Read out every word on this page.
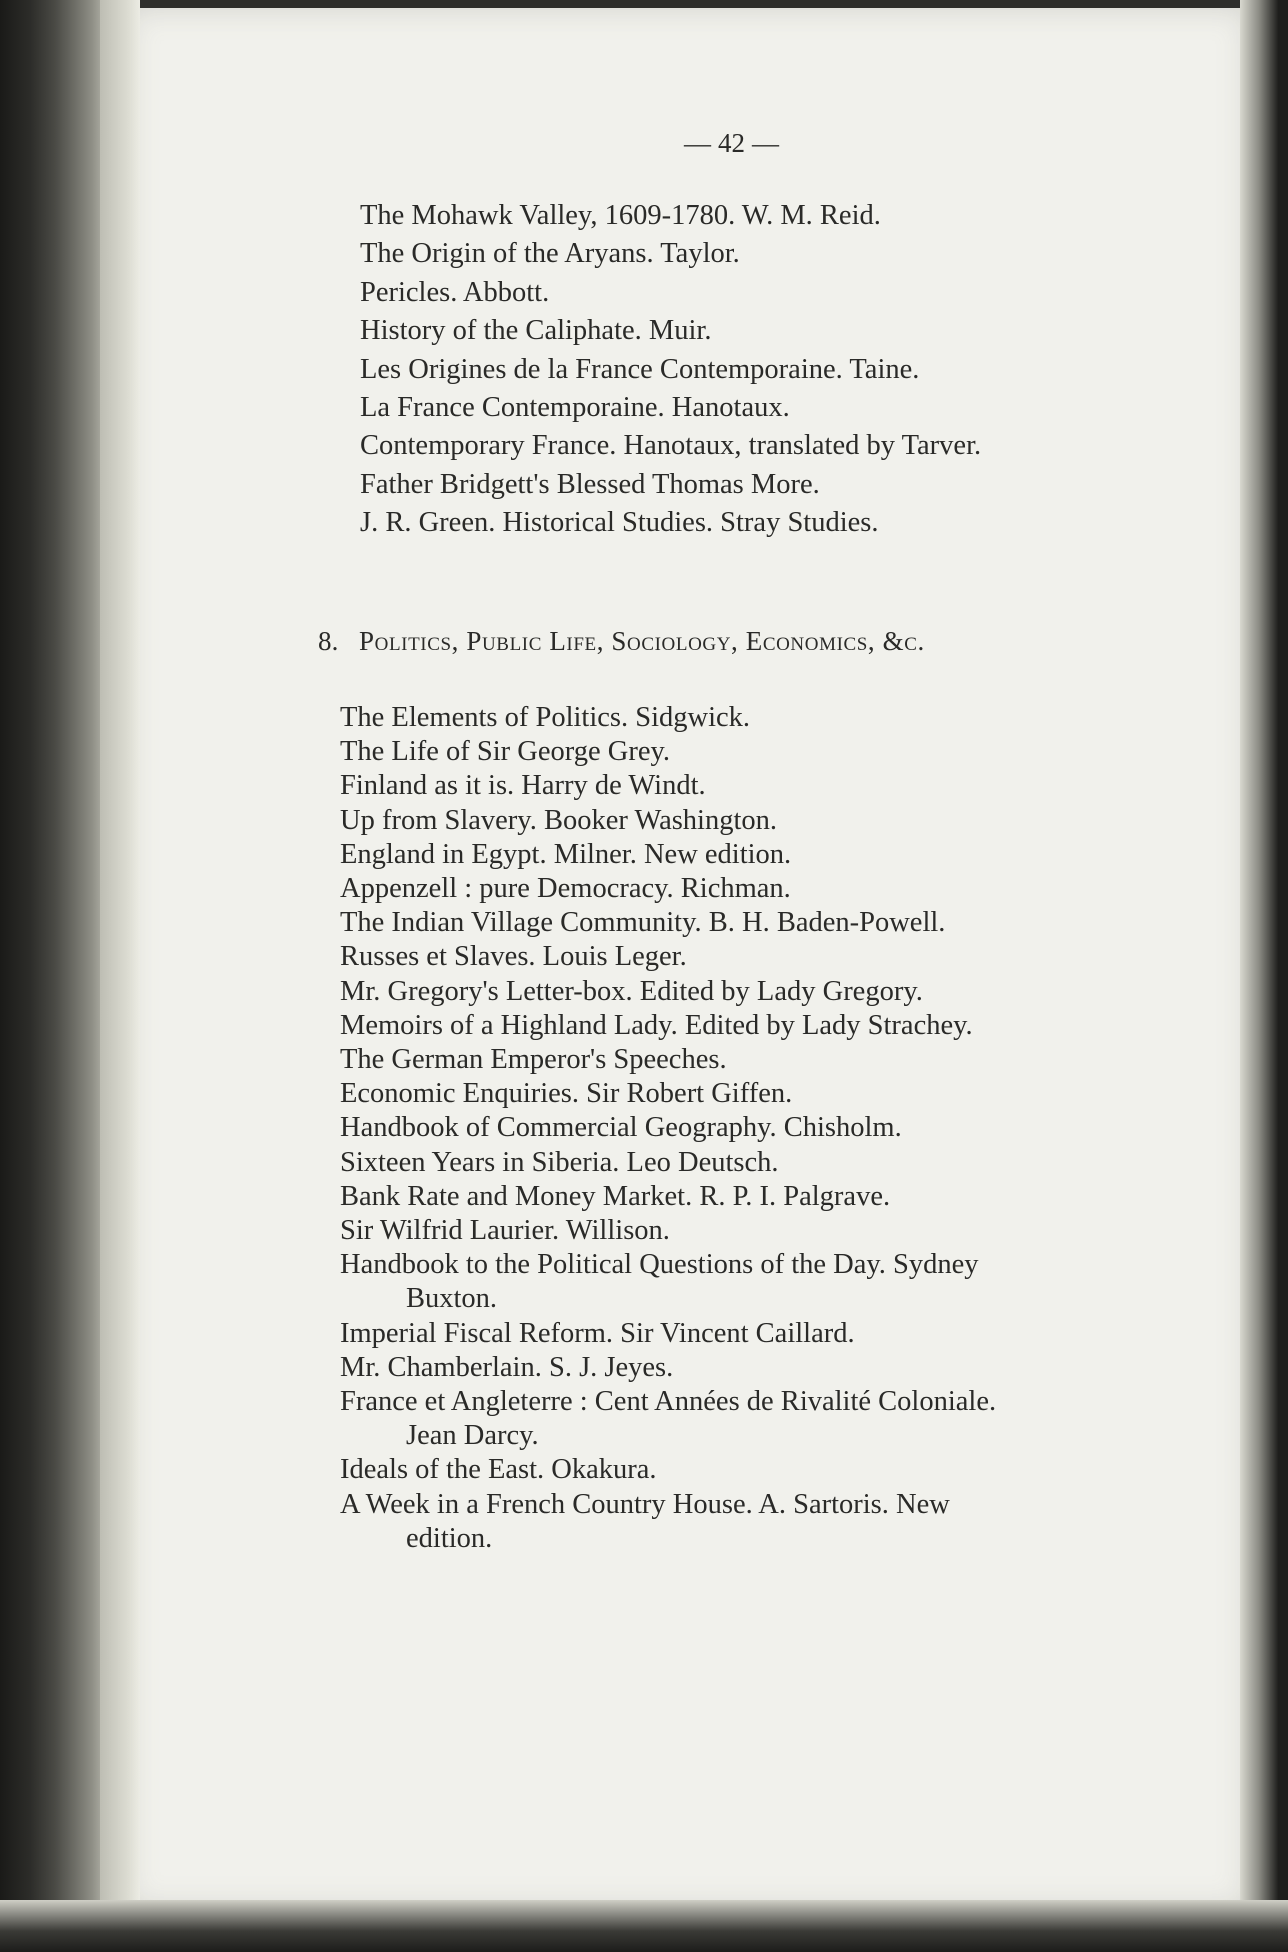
— 42 —
The Mohawk Valley, 1609-1780. W. M. Reid.
The Origin of the Aryans. Taylor.
Pericles. Abbott.
History of the Caliphate. Muir.
Les Origines de la France Contemporaine. Taine.
La France Contemporaine. Hanotaux.
Contemporary France. Hanotaux, translated by Tarver.
Father Bridgett's Blessed Thomas More.
J. R. Green. Historical Studies. Stray Studies.
8. Politics, Public Life, Sociology, Economics, &c.
The Elements of Politics. Sidgwick.
The Life of Sir George Grey.
Finland as it is. Harry de Windt.
Up from Slavery. Booker Washington.
England in Egypt. Milner. New edition.
Appenzell : pure Democracy. Richman.
The Indian Village Community. B. H. Baden-Powell.
Russes et Slaves. Louis Leger.
Mr. Gregory's Letter-box. Edited by Lady Gregory.
Memoirs of a Highland Lady. Edited by Lady Strachey.
The German Emperor's Speeches.
Economic Enquiries. Sir Robert Giffen.
Handbook of Commercial Geography. Chisholm.
Sixteen Years in Siberia. Leo Deutsch.
Bank Rate and Money Market. R. P. I. Palgrave.
Sir Wilfrid Laurier. Willison.
Handbook to the Political Questions of the Day. Sydney
Buxton.
Imperial Fiscal Reform. Sir Vincent Caillard.
Mr. Chamberlain. S. J. Jeyes.
France et Angleterre : Cent Années de Rivalité Coloniale.
Jean Darcy.
Ideals of the East. Okakura.
A Week in a French Country House. A. Sartoris. New
edition.
